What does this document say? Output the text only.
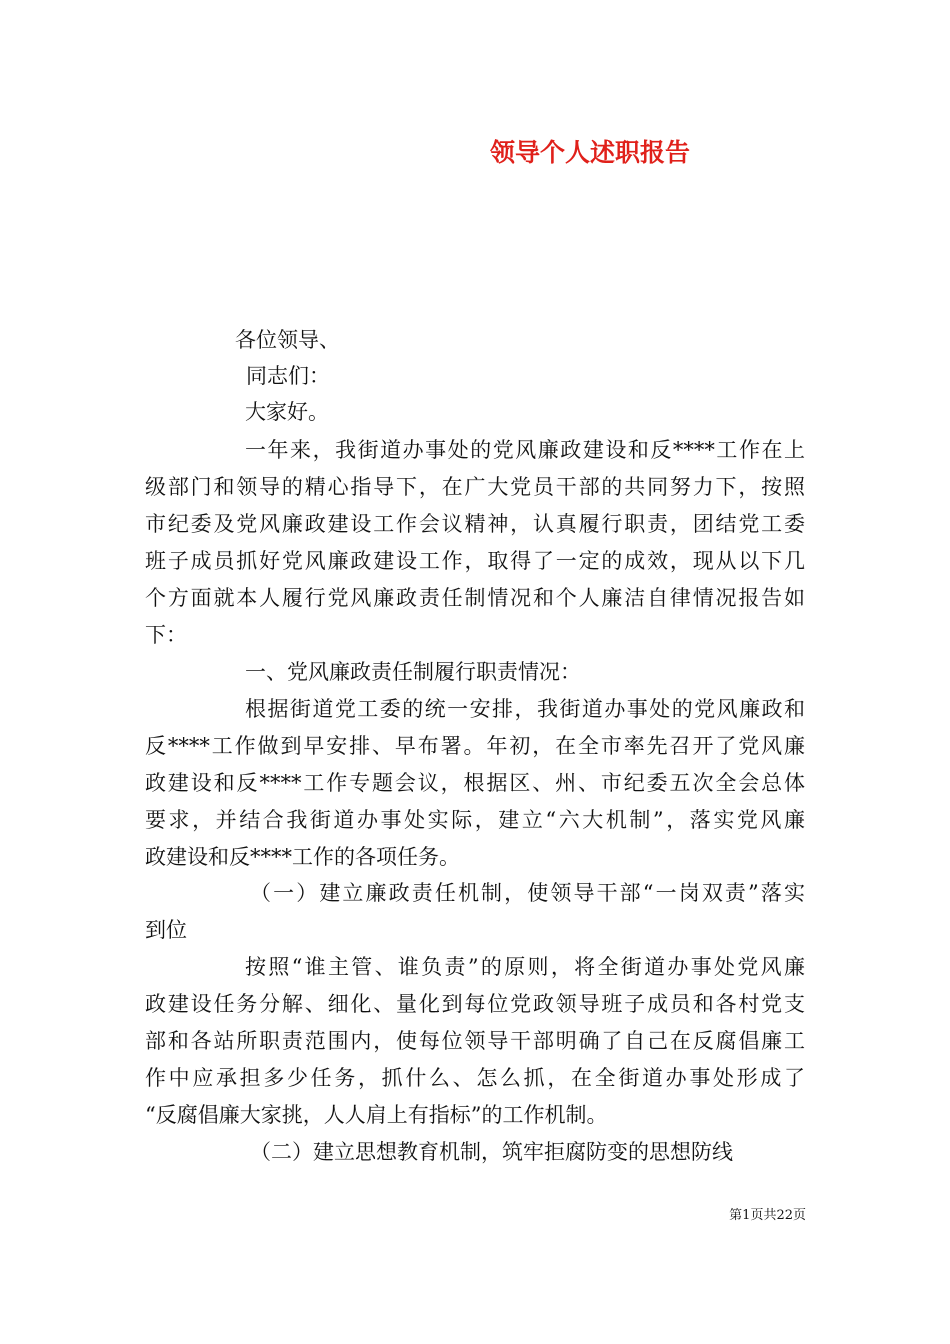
领导个人述职报告
各位领导、
同志们：
大家好。
一年来，我街道办事处的党风廉政建设和反****工作在上
级部门和领导的精心指导下，在广大党员干部的共同努力下，按照
市纪委及党风廉政建设工作会议精神，认真履行职责，团结党工委
班子成员抓好党风廉政建设工作，取得了一定的成效，现从以下几
个方面就本人履行党风廉政责任制情况和个人廉洁自律情况报告如
下：
一、党风廉政责任制履行职责情况：
根据街道党工委的统一安排，我街道办事处的党风廉政和
反****工作做到早安排、早布署。年初，在全市率先召开了党风廉
政建设和反****工作专题会议，根据区、州、市纪委五次全会总体
要求，并结合我街道办事处实际，建立“六大机制”，落实党风廉
政建设和反****工作的各项任务。
（一）建立廉政责任机制，使领导干部“一岗双责”落实
到位
按照“谁主管、谁负责”的原则，将全街道办事处党风廉
政建设任务分解、细化、量化到每位党政领导班子成员和各村党支
部和各站所职责范围内，使每位领导干部明确了自己在反腐倡廉工
作中应承担多少任务，抓什么、怎么抓，在全街道办事处形成了
“反腐倡廉大家挑，人人肩上有指标”的工作机制。
（二）建立思想教育机制，筑牢拒腐防变的思想防线
第1页共22页
